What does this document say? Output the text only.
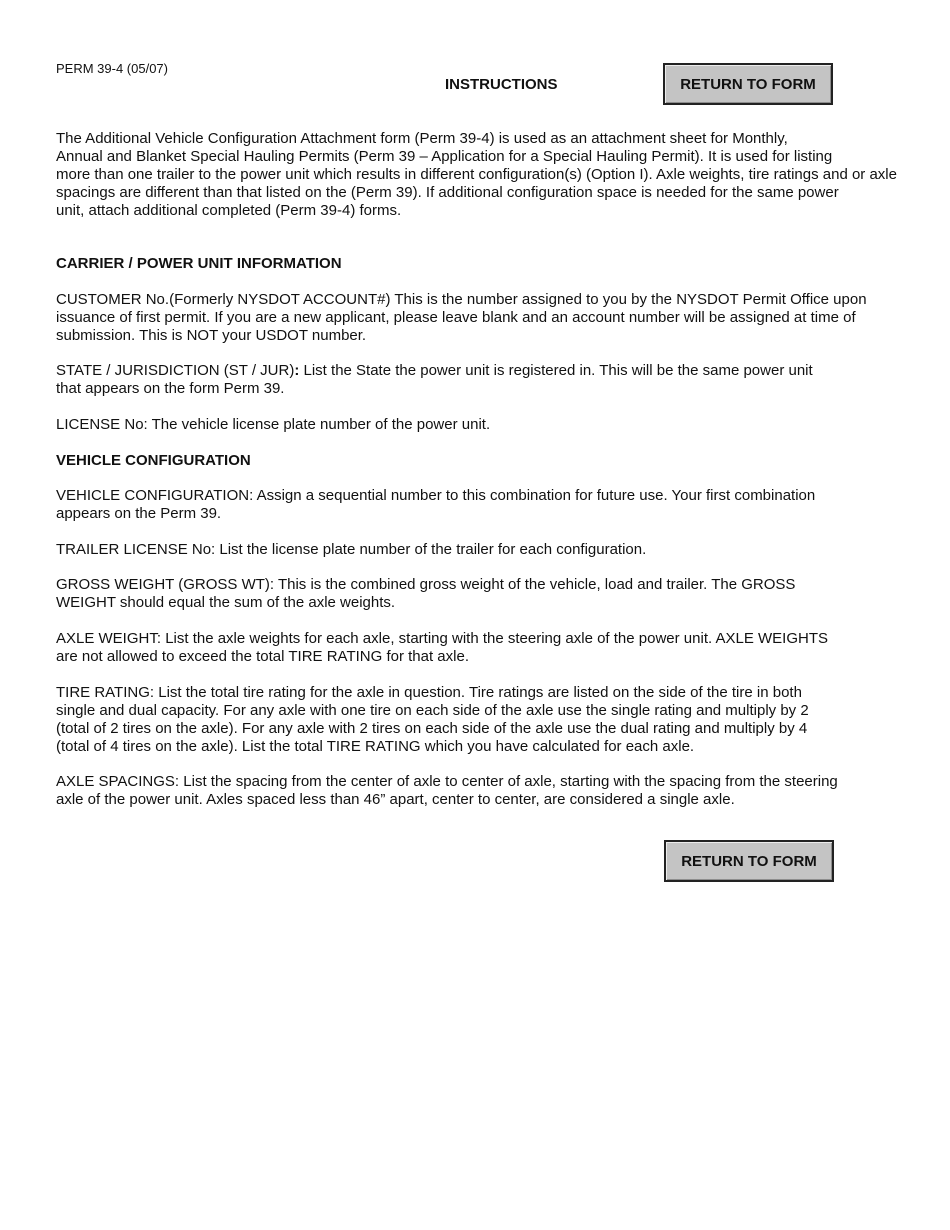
PERM 39-4 (05/07)
INSTRUCTIONS	RETURN TO FORM

The Additional Vehicle Configuration Attachment form (Perm 39-4) is used as an attachment sheet for Monthly,
Annual and Blanket Special Hauling Permits (Perm 39 – Application for a Special Hauling Permit). It is used for listing
more than one trailer to the power unit which results in different configuration(s) (Option I). Axle weights, tire ratings and or axle
spacings are different than that listed on the (Perm 39). If additional configuration space is needed for the same power
unit, attach additional completed (Perm 39-4) forms.

CARRIER / POWER UNIT INFORMATION

CUSTOMER No.(Formerly NYSDOT ACCOUNT#) This is the number assigned to you by the NYSDOT Permit Office upon
issuance of first permit. If you are a new applicant, please leave blank and an account number will be assigned at time of
submission. This is NOT your USDOT number.

STATE / JURISDICTION (ST / JUR): List the State the power unit is registered in. This will be the same power unit
that appears on the form Perm 39.

LICENSE No: The vehicle license plate number of the power unit.

VEHICLE CONFIGURATION

VEHICLE CONFIGURATION: Assign a sequential number to this combination for future use. Your first combination
appears on the Perm 39.

TRAILER LICENSE No: List the license plate number of the trailer for each configuration.

GROSS WEIGHT (GROSS WT): This is the combined gross weight of the vehicle, load and trailer. The GROSS
WEIGHT should equal the sum of the axle weights.

AXLE WEIGHT: List the axle weights for each axle, starting with the steering axle of the power unit. AXLE WEIGHTS
are not allowed to exceed the total TIRE RATING for that axle.

TIRE RATING: List the total tire rating for the axle in question. Tire ratings are listed on the side of the tire in both
single and dual capacity. For any axle with one tire on each side of the axle use the single rating and multiply by 2
(total of 2 tires on the axle). For any axle with 2 tires on each side of the axle use the dual rating and multiply by 4
(total of 4 tires on the axle). List the total TIRE RATING which you have calculated for each axle.

AXLE SPACINGS: List the spacing from the center of axle to center of axle, starting with the spacing from the steering
axle of the power unit. Axles spaced less than 46” apart, center to center, are considered a single axle.

RETURN TO FORM
